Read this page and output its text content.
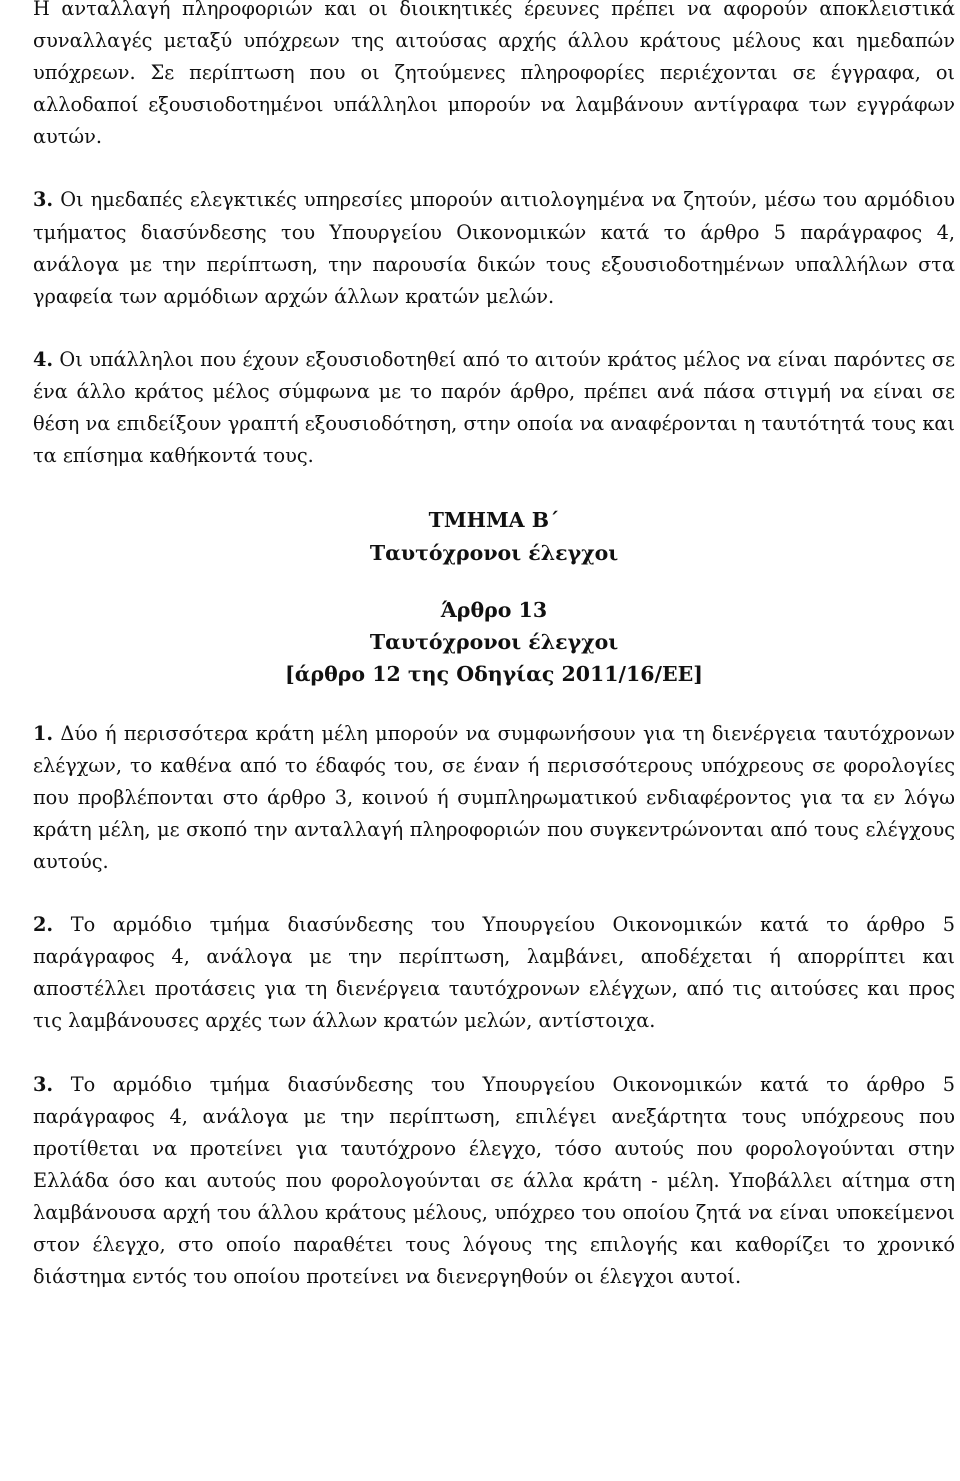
Η ανταλλαγή πληροφοριών και οι διοικητικές έρευνες πρέπει να αφορούν αποκλειστικά συναλλαγές μεταξύ υπόχρεων της αιτούσας αρχής άλλου κράτους μέλους και ημεδαπών υπόχρεων. Σε περίπτωση που οι ζητούμενες πληροφορίες περιέχονται σε έγγραφα, οι αλλοδαποί εξουσιοδοτημένοι υπάλληλοι μπορούν να λαμβάνουν αντίγραφα των εγγράφων αυτών.

3. Οι ημεδαπές ελεγκτικές υπηρεσίες μπορούν αιτιολογημένα να ζητούν, μέσω του αρμόδιου τμήματος διασύνδεσης του Υπουργείου Οικονομικών κατά το άρθρο 5 παράγραφος 4, ανάλογα με την περίπτωση, την παρουσία δικών τους εξουσιοδοτημένων υπαλλήλων στα γραφεία των αρμόδιων αρχών άλλων κρατών μελών.

4. Οι υπάλληλοι που έχουν εξουσιοδοτηθεί από το αιτούν κράτος μέλος να είναι παρόντες σε ένα άλλο κράτος μέλος σύμφωνα με το παρόν άρθρο, πρέπει ανά πάσα στιγμή να είναι σε θέση να επιδείξουν γραπτή εξουσιοδότηση, στην οποία να αναφέρονται η ταυτότητά τους και τα επίσημα καθήκοντά τους.

ΤΜΗΜΑ Β΄

Ταυτόχρονοι έλεγχοι

Άρθρο 13

Ταυτόχρονοι έλεγχοι

[άρθρο 12 της Οδηγίας 2011/16/ΕΕ]

1. Δύο ή περισσότερα κράτη μέλη μπορούν να συμφωνήσουν για τη διενέργεια ταυτόχρονων ελέγχων, το καθένα από το έδαφός του, σε έναν ή περισσότερους υπόχρεους σε φορολογίες που προβλέπονται στο άρθρο 3, κοινού ή συμπληρωματικού ενδιαφέροντος για τα εν λόγω κράτη μέλη, με σκοπό την ανταλλαγή πληροφοριών που συγκεντρώνονται από τους ελέγχους αυτούς.

2. Το αρμόδιο τμήμα διασύνδεσης του Υπουργείου Οικονομικών κατά το άρθρο 5 παράγραφος 4, ανάλογα με την περίπτωση, λαμβάνει, αποδέχεται ή απορρίπτει και αποστέλλει προτάσεις για τη διενέργεια ταυτόχρονων ελέγχων, από τις αιτούσες και προς τις λαμβάνουσες αρχές των άλλων κρατών μελών, αντίστοιχα.

3. Το αρμόδιο τμήμα διασύνδεσης του Υπουργείου Οικονομικών κατά το άρθρο 5 παράγραφος 4, ανάλογα με την περίπτωση, επιλέγει ανεξάρτητα τους υπόχρεους που προτίθεται να προτείνει για ταυτόχρονο έλεγχο, τόσο αυτούς που φορολογούνται στην Ελλάδα όσο και αυτούς που φορολογούνται σε άλλα κράτη - μέλη. Υποβάλλει αίτημα στη λαμβάνουσα αρχή του άλλου κράτους μέλους, υπόχρεο του οποίου ζητά να είναι υποκείμενοι στον έλεγχο, στο οποίο παραθέτει τους λόγους της επιλογής και καθορίζει το χρονικό διάστημα εντός του οποίου προτείνει να διενεργηθούν οι έλεγχοι αυτοί.
